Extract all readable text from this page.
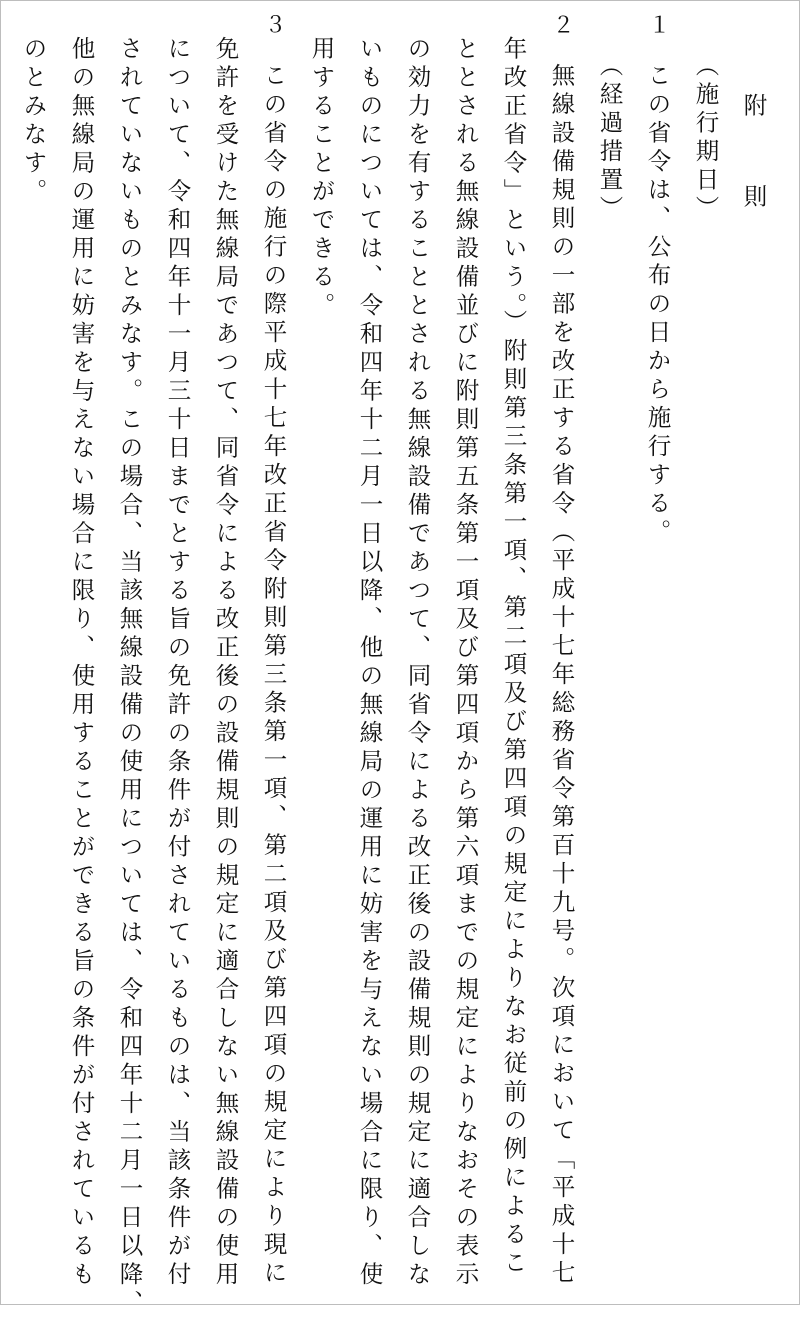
附　則
（施行期日）
１
この省令は、公布の日から施行する。
（経過措置）
２
無線設備規則の一部を改正する省令（平成十七年総務省令第百十九号。次項において「平成十七
年改正省令」という。）附則第三条第一項、第二項及び第四項の規定によりなお従前の例によるこ
ととされる無線設備並びに附則第五条第一項及び第四項から第六項までの規定によりなおその表示
の効力を有することとされる無線設備であつて、同省令による改正後の設備規則の規定に適合しな
いものについては、令和四年十二月一日以降、他の無線局の運用に妨害を与えない場合に限り、使
用することができる。
３
この省令の施行の際平成十七年改正省令附則第三条第一項、第二項及び第四項の規定により現に
免許を受けた無線局であつて、同省令による改正後の設備規則の規定に適合しない無線設備の使用
について、令和四年十一月三十日までとする旨の免許の条件が付されているものは、当該条件が付
されていないものとみなす。この場合、当該無線設備の使用については、令和四年十二月一日以降、
他の無線局の運用に妨害を与えない場合に限り、使用することができる旨の条件が付されているも
のとみなす。
